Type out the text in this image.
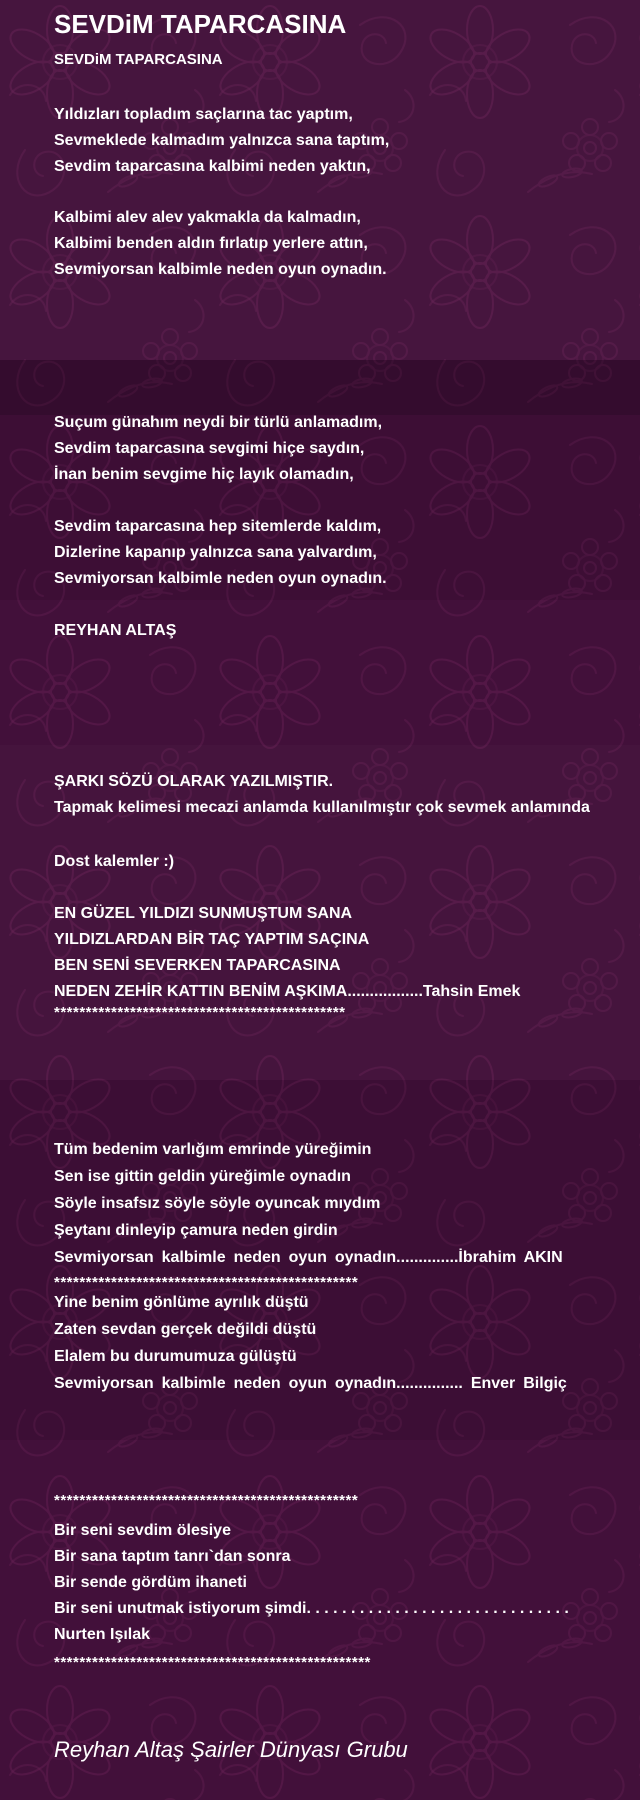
SEVDiM TAPARCASINA
SEVDiM TAPARCASINA
Yıldızları topladım saçlarına tac yaptım,
Sevmeklede kalmadım yalnızca sana taptım,
Sevdim taparcasına kalbimi neden yaktın,
Kalbimi alev alev yakmakla da kalmadın,
Kalbimi benden aldın fırlatıp yerlere attın,
Sevmiyorsan kalbimle neden oyun oynadın.
Suçum günahım neydi bir türlü anlamadım,
Sevdim taparcasına sevgimi hiçe saydın,
İnan benim sevgime hiç layık olamadın,
Sevdim taparcasına hep sitemlerde kaldım,
Dizlerine kapanıp yalnızca sana yalvardım,
Sevmiyorsan kalbimle neden oyun oynadın.
REYHAN ALTAŞ
ŞARKI SÖZÜ OLARAK YAZILMIŞTIR.
Tapmak kelimesi mecazi anlamda kullanılmıştır çok sevmek anlamında
Dost kalemler :)
EN GÜZEL YILDIZI SUNMUŞTUM SANA
YILDIZLARDAN BİR TAÇ YAPTIM SAÇINA
BEN SENİ SEVERKEN TAPARCASINA
NEDEN ZEHİR KATTIN BENİM AŞKIMA.................Tahsin Emek
**********************************************
Tüm bedenim varlığım emrinde yüreğimin
Sen ise gittin geldin yüreğimle oynadın
Söyle insafsız söyle söyle oyuncak mıydım
Şeytanı dinleyip çamura neden girdin
Sevmiyorsan kalbimle neden oyun oynadın..............İbrahim AKIN
************************************************
Yine benim gönlüme ayrılık düştü
Zaten sevdan gerçek değildi düştü
Elalem bu durumumuza gülüştü
Sevmiyorsan kalbimle neden oyun oynadın............... Enver Bilgiç
************************************************
Bir seni sevdim ölesiye
Bir sana taptım tanrı`dan sonra
Bir sende gördüm ihaneti
Bir seni unutmak istiyorum şimdi. . . . . . . . . . . . . . . . . . . . . . . . . . . . . .
Nurten Işılak
**************************************************
Reyhan Altaş Şairler Dünyası Grubu
